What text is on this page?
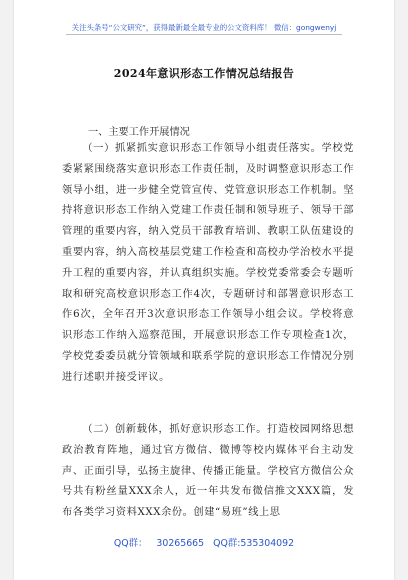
关注头条号“公文研究”，获得最新最全最专业的公文资料库！ 微信：gongwenyj
2024年意识形态工作情况总结报告
一、主要工作开展情况
（一）抓紧抓实意识形态工作领导小组责任落实。学校党委紧紧围绕落实意识形态工作责任制，及时调整意识形态工作领导小组，进一步健全党管宣传、党管意识形态工作机制。坚持将意识形态工作纳入党建工作责任制和领导班子、领导干部管理的重要内容，纳入党员干部教育培训、教职工队伍建设的重要内容，纳入高校基层党建工作检查和高校办学治校水平提升工程的重要内容，并认真组织实施。学校党委常委会专题听取和研究高校意识形态工作4次，专题研讨和部署意识形态工作6次，全年召开3次意识形态工作领导小组会议。学校将意识形态工作纳入巡察范围，开展意识形态工作专项检查1次，学校党委委员就分管领域和联系学院的意识形态工作情况分别进行述职并接受评议。
（二）创新载体，抓好意识形态工作。打造校园网络思想政治教育阵地，通过官方微信、微博等校内媒体平台主动发声、正面引导，弘扬主旋律、传播正能量。学校官方微信公众号共有粉丝量XXX余人，近一年共发布微信推文XXX篇，发布各类学习资料XXX余份。创建“易班”线上思
QQ群： 30265665 QQ群:535304092
